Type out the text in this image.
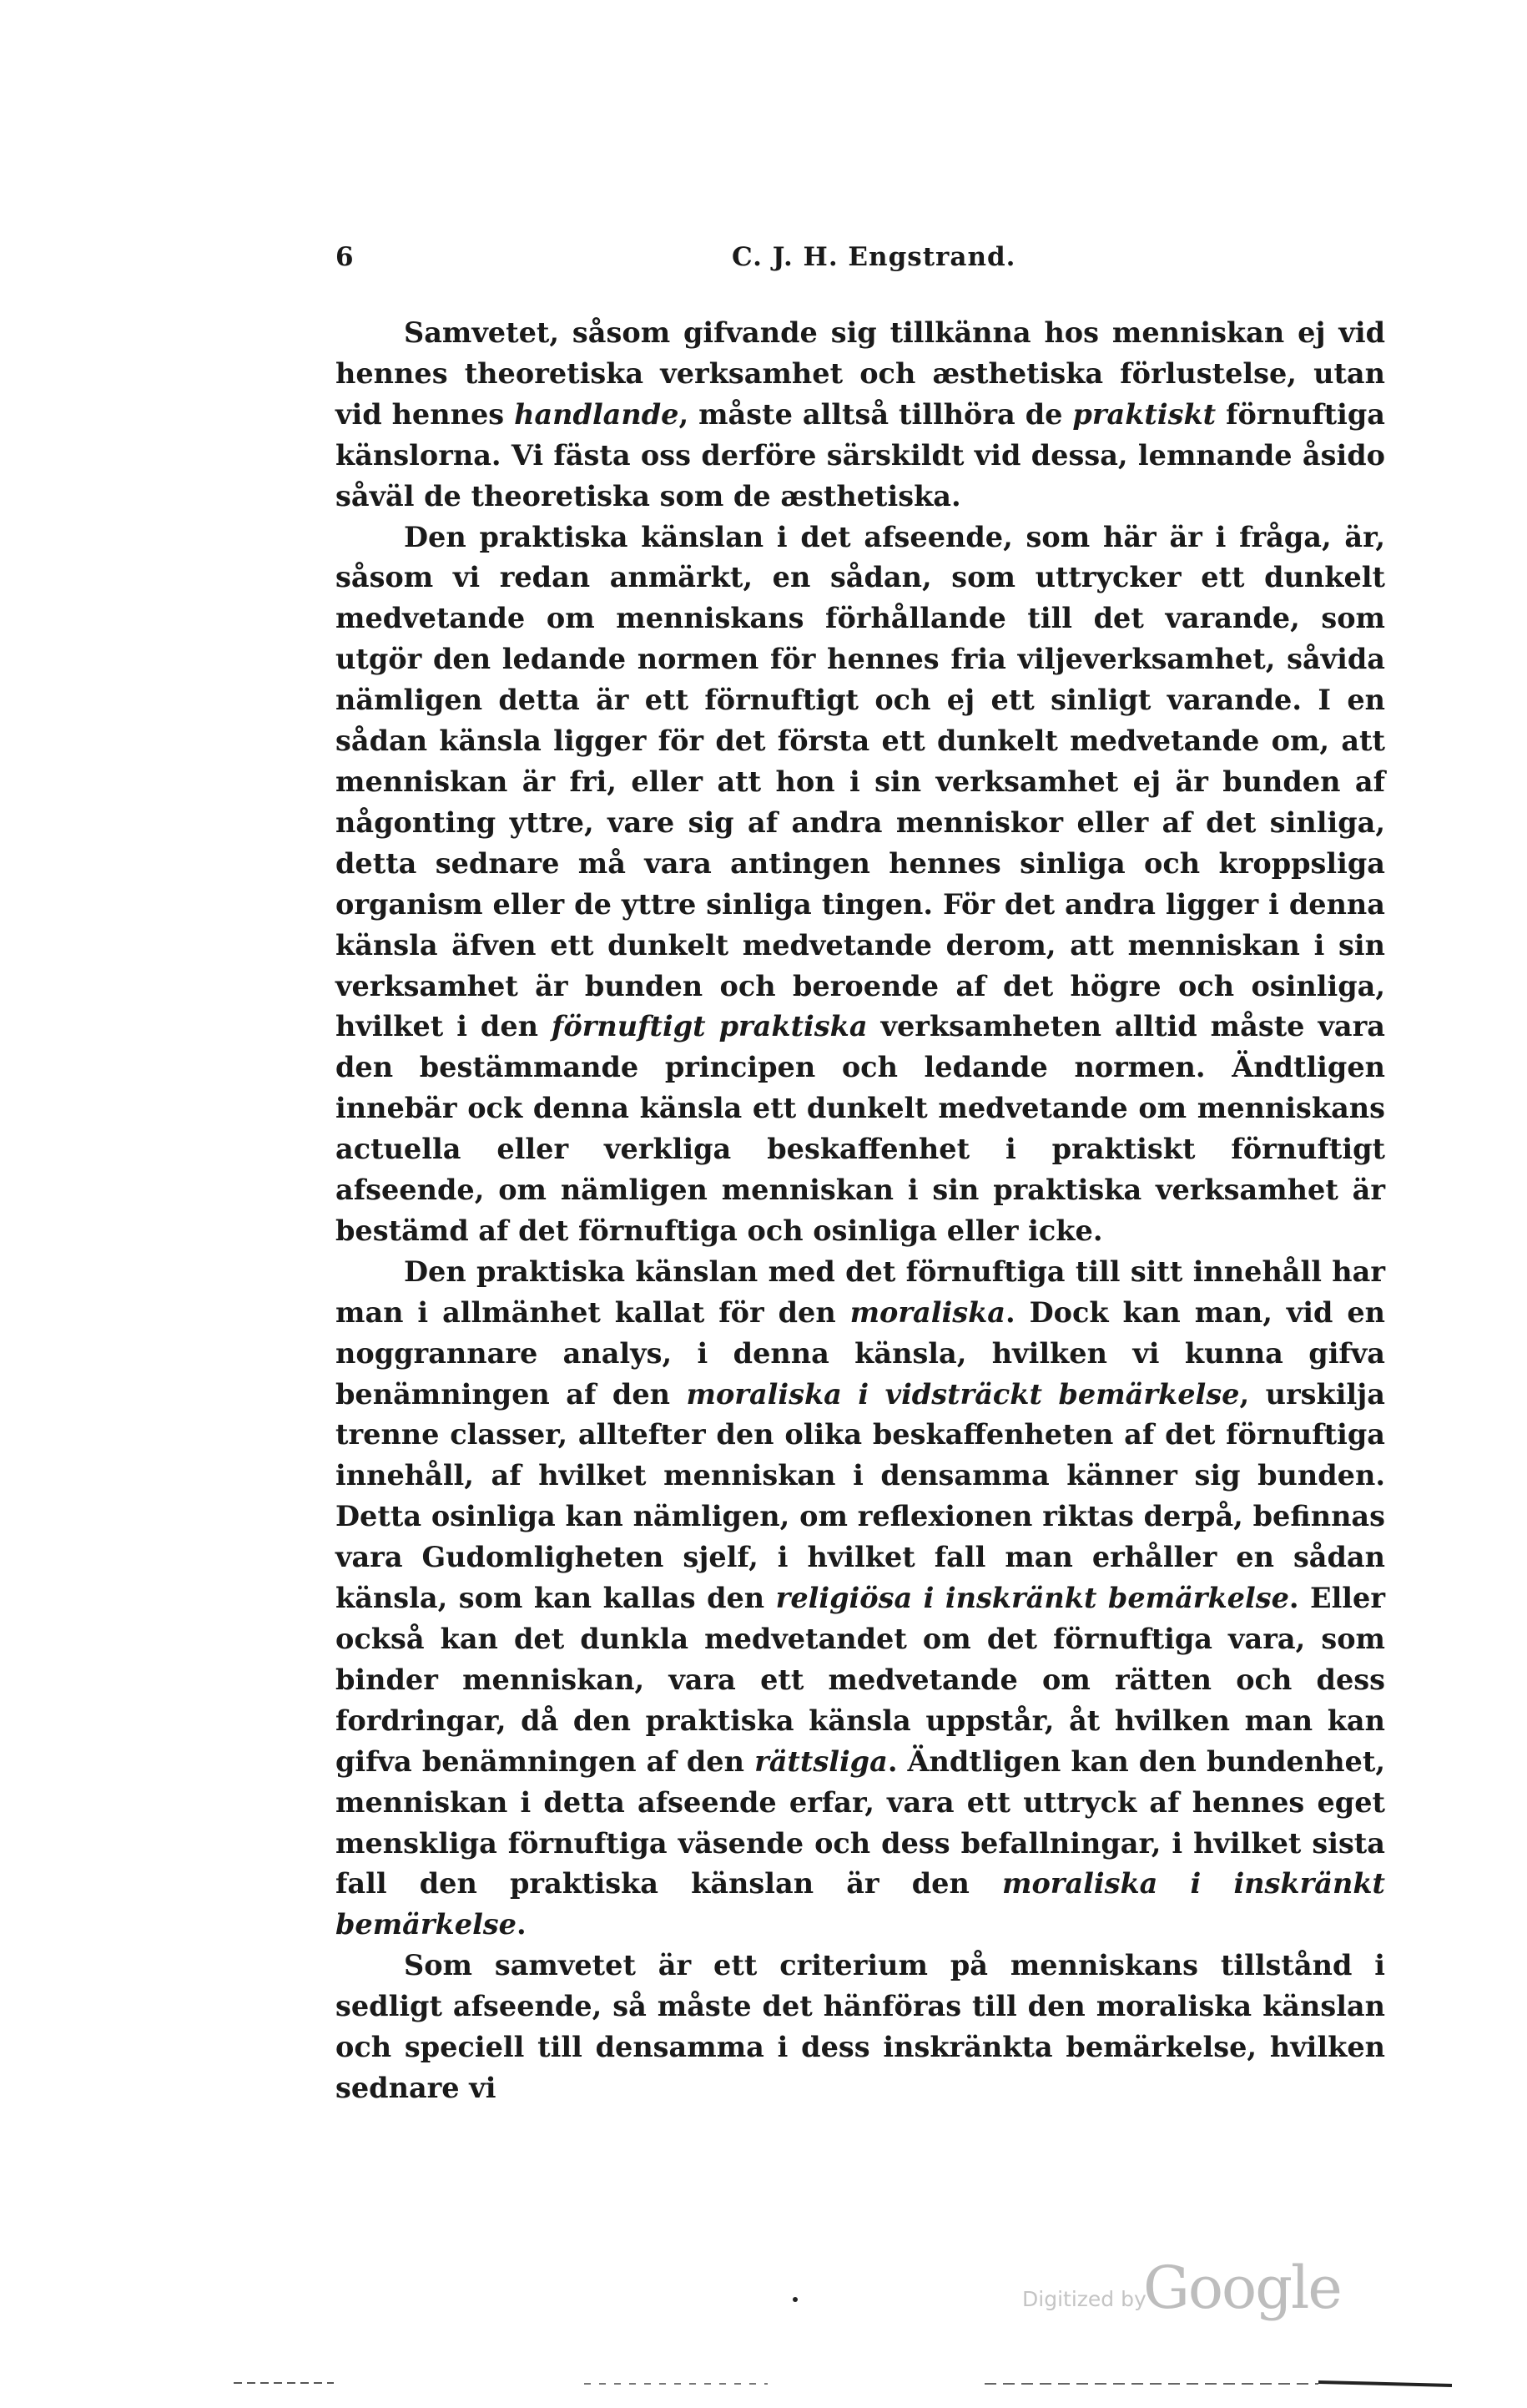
6	C. J. H. Engstrand.

Samvetet, såsom gifvande sig tillkänna hos menniskan ej vid hennes theoretiska verksamhet och æsthetiska förlustelse, utan vid hennes handlande, måste alltså tillhöra de praktiskt förnuftiga känslorna. Vi fästa oss derföre särskildt vid dessa, lemnande åsido såväl de theoretiska som de æsthetiska.

Den praktiska känslan i det afseende, som här är i fråga, är, såsom vi redan anmärkt, en sådan, som uttrycker ett dunkelt medvetande om menniskans förhållande till det varande, som utgör den ledande normen för hennes fria viljeverksamhet, såvida nämligen detta är ett förnuftigt och ej ett sinligt varande. I en sådan känsla ligger för det första ett dunkelt medvetande om, att menniskan är fri, eller att hon i sin verksamhet ej är bunden af någonting yttre, vare sig af andra menniskor eller af det sinliga, detta sednare må vara antingen hennes sinliga och kroppsliga organism eller de yttre sinliga tingen. För det andra ligger i denna känsla äfven ett dunkelt medvetande derom, att menniskan i sin verksamhet är bunden och beroende af det högre och osinliga, hvilket i den förnuftigt praktiska verksamheten alltid måste vara den bestämmande principen och ledande normen. Ändtligen innebär ock denna känsla ett dunkelt medvetande om menniskans actuella eller verkliga beskaffenhet i praktiskt förnuftigt afseende, om nämligen menniskan i sin praktiska verksamhet är bestämd af det förnuftiga och osinliga eller icke.

Den praktiska känslan med det förnuftiga till sitt innehåll har man i allmänhet kallat för den moraliska. Dock kan man, vid en noggrannare analys, i denna känsla, hvilken vi kunna gifva benämningen af den moraliska i vidsträckt bemärkelse, urskilja trenne classer, alltefter den olika beskaffenheten af det förnuftiga innehåll, af hvilket menniskan i densamma känner sig bunden. Detta osinliga kan nämligen, om reflexionen riktas derpå, befinnas vara Gudomligheten sjelf, i hvilket fall man erhåller en sådan känsla, som kan kallas den religiösa i inskränkt bemärkelse. Eller också kan det dunkla medvetandet om det förnuftiga vara, som binder menniskan, vara ett medvetande om rätten och dess fordringar, då den praktiska känsla uppstår, åt hvilken man kan gifva benämningen af den rättsliga. Ändtligen kan den bundenhet, menniskan i detta afseende erfar, vara ett uttryck af hennes eget menskliga förnuftiga väsende och dess befallningar, i hvilket sista fall den praktiska känslan är den moraliska i inskränkt bemärkelse.

Som samvetet är ett criterium på menniskans tillstånd i sedligt afseende, så måste det hänföras till den moraliska känslan och speciell till densamma i dess inskränkta bemärkelse, hvilken sednare vi

Digitized by
Google
